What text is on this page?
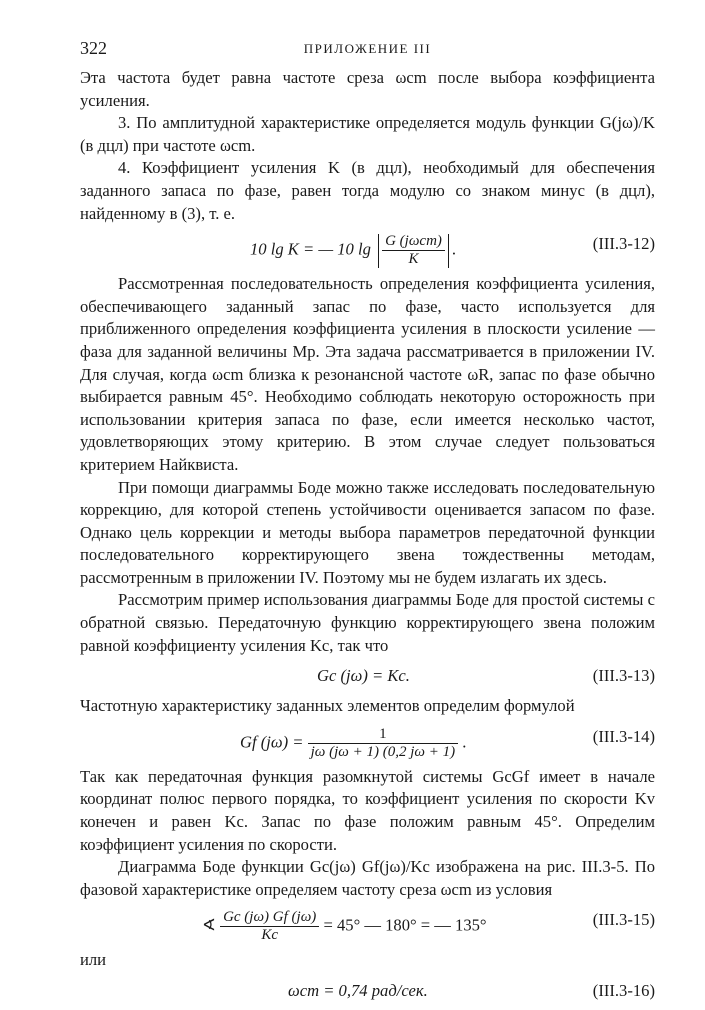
322	ПРИЛОЖЕНИЕ III

Эта частота будет равна частоте среза ωcm после выбора коэффициента усиления.

3. По амплитудной характеристике определяется модуль функции G(jω)/K (в дцл) при частоте ωcm.

4. Коэффициент усиления K (в дцл), необходимый для обеспечения заданного запаса по фазе, равен тогда модулю со знаком минус (в дцл), найденному в (3), т. е.

10 lg K = — 10 $\lg \frac{\text{G (jωcm)}}{K}$ .	(III.3-12)

Рассмотренная последовательность определения коэффициента усиления, обеспечивающего заданный запас по фазе, часто используется для приближенного определения коэффициента усиления в плоскости усиление — фаза для заданной величины Mp. Эта задача рассматривается в приложении IV. Для случая, когда ωcm близка к резонансной частоте ωR, запас по фазе обычно выбирается равным 45°. Необходимо соблюдать некоторую осторожность при использовании критерия запаса по фазе, если имеется несколько частот, удовлетворяющих этому критерию. В этом случае следует пользоваться критерием Найквиста.

При помощи диаграммы Боде можно также исследовать последовательную коррекцию, для которой степень устойчивости оценивается запасом по фазе. Однако цель коррекции и методы выбора параметров передаточной функции последовательного корректирующего звена тождественны методам, рассмотренным в приложении IV. Поэтому мы не будем излагать их здесь.

Рассмотрим пример использования диаграммы Боде для простой системы с обратной связью. Передаточную функцию корректирующего звена положим равной коэффициенту усиления Kc, так что

Gc (jω) = Kc.	(III.3-13)

Частотную характеристику заданных элементов определим формулой

Gf $(j\omega) = \frac{1}{j\omega (j\omega + 1) (0,2 j\omega + 1)}$ .	(III.3-14)

Так как передаточная функция разомкнутой системы GcGf имеет в начале координат полюс первого порядка, то коэффициент усиления по скорости Kv конечен и равен Kc. Запас по фазе положим равным 45°. Определим коэффициент усиления по скорости.

Диаграмма Боде функции Gc(jω) Gf(jω)/Kc изображена на рис. III.3-5. По фазовой характеристике определяем частоту среза ωcm из условия

∢ $\frac{Gc (j\omega) Gf (j\omega)}{Kc} = 45^\circ$ — 180° = — 135°	(III.3-15)

или

ωcm = 0,74 рад/сек.	(III.3-16)
